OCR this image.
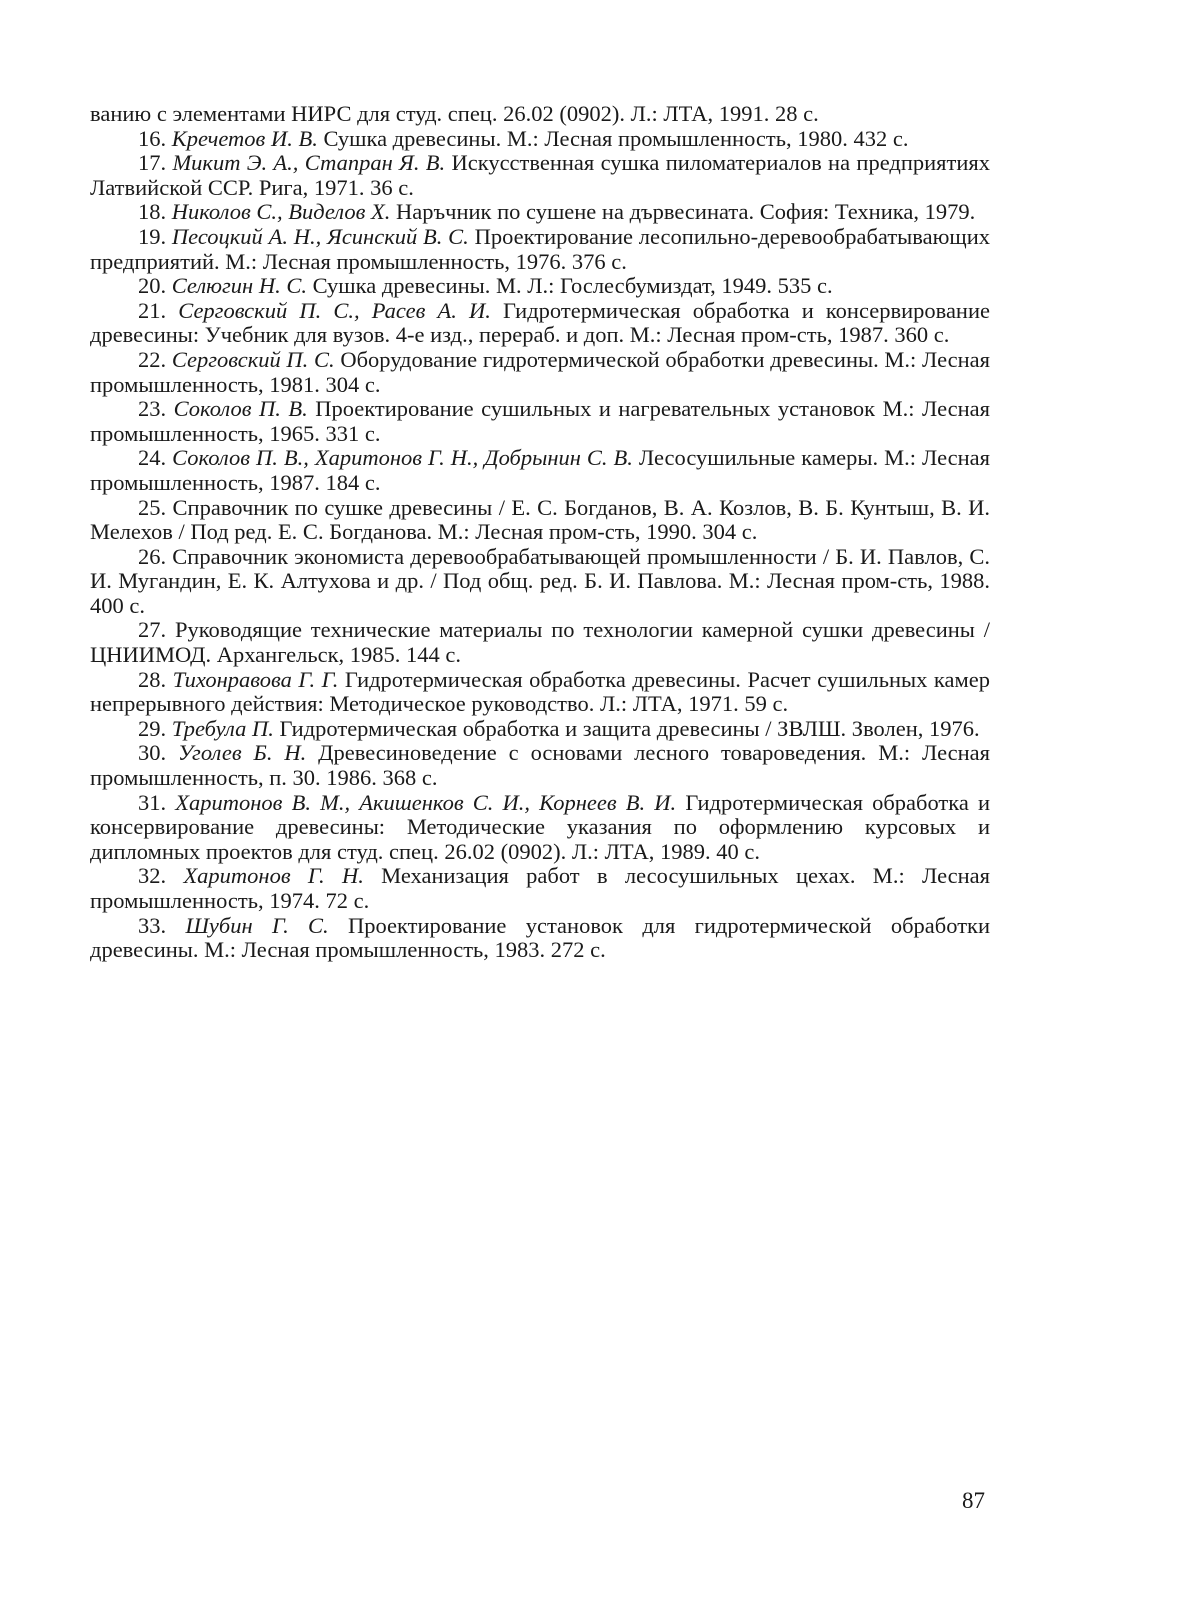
ванию с элементами НИРС для студ. спец. 26.02 (0902). Л.: ЛТА, 1991. 28 с.

16. Кречетов И. В. Сушка древесины. М.: Лесная промышленность, 1980. 432 с.

17. Микит Э. А., Стапран Я. В. Искусственная сушка пиломатериалов на предприятиях Латвийской ССР. Рига, 1971. 36 с.

18. Николов С., Виделов Х. Наръчник по сушене на дървесината. София: Техника, 1979.

19. Песоцкий А. Н., Ясинский В. С. Проектирование лесопильно-деревообрабатывающих предприятий. М.: Лесная промышленность, 1976. 376 с.

20. Селюгин Н. С. Сушка древесины. М. Л.: Гослесбумиздат, 1949. 535 с.

21. Серговский П. С., Расев А. И. Гидротермическая обработка и консервирование древесины: Учебник для вузов. 4-е изд., перераб. и доп. М.: Лесная пром-сть, 1987. 360 с.

22. Серговский П. С. Оборудование гидротермической обработки древесины. М.: Лесная промышленность, 1981. 304 с.

23. Соколов П. В. Проектирование сушильных и нагревательных установок М.: Лесная промышленность, 1965. 331 с.

24. Соколов П. В., Харитонов Г. Н., Добрынин С. В. Лесосушильные камеры. М.: Лесная промышленность, 1987. 184 с.

25. Справочник по сушке древесины / Е. С. Богданов, В. А. Козлов, В. Б. Кунтыш, В. И. Мелехов / Под ред. Е. С. Богданова. М.: Лесная пром-сть, 1990. 304 с.

26. Справочник экономиста деревообрабатывающей промышленности / Б. И. Павлов, С. И. Мугандин, Е. К. Алтухова и др. / Под общ. ред. Б. И. Павлова. М.: Лесная пром-сть, 1988. 400 с.

27. Руководящие технические материалы по технологии камерной сушки древесины / ЦНИИМОД. Архангельск, 1985. 144 с.

28. Тихонравова Г. Г. Гидротермическая обработка древесины. Расчет сушильных камер непрерывного действия: Методическое руководство. Л.: ЛТА, 1971. 59 с.

29. Требула П. Гидротермическая обработка и защита древесины / ЗВЛШ. Зволен, 1976.

30. Уголев Б. Н. Древесиноведение с основами лесного товароведения. М.: Лесная промышленность, п. 30. 1986. 368 с.

31. Харитонов В. М., Акишенков С. И., Корнеев В. И. Гидротермическая обработка и консервирование древесины: Методические указания по оформлению курсовых и дипломных проектов для студ. спец. 26.02 (0902). Л.: ЛТА, 1989. 40 с.

32. Харитонов Г. Н. Механизация работ в лесосушильных цехах. М.: Лесная промышленность, 1974. 72 с.

33. Шубин Г. С. Проектирование установок для гидротермической обработки древесины. М.: Лесная промышленность, 1983. 272 с.

87
